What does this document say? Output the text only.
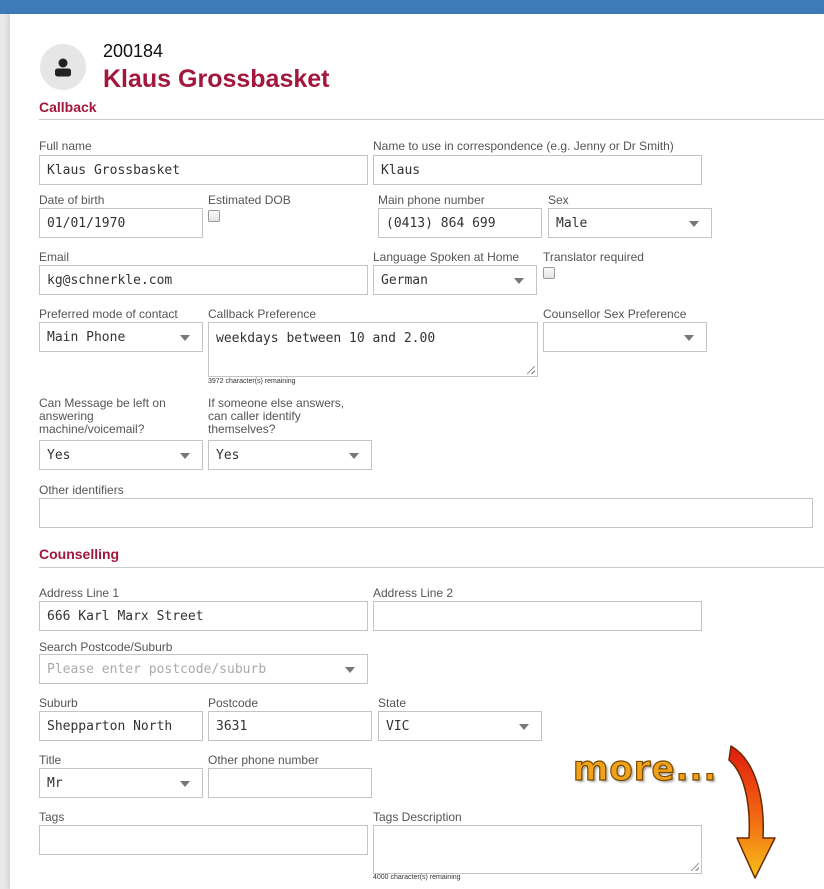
200184
Klaus Grossbasket
Callback
Full name
Klaus Grossbasket
Name to use in correspondence (e.g. Jenny or Dr Smith)
Klaus
Date of birth
01/01/1970
Estimated DOB	Main phone number
(0413) 864 699
Sex
Male
Email
kg@schnerkle.com
Language Spoken at Home
German
Translator required
Preferred mode of contact
Main Phone
Callback Preference
weekdays between 10 and 2.00
3972 character(s) remaining
Counsellor Sex Preference
Can Message be left on
answering
machine/voicemail?
Yes
If someone else answers,
can caller identify
themselves?
Yes
Other identifiers
Counselling
Address Line 1
666 Karl Marx Street
Address Line 2
Search Postcode/Suburb
Please enter postcode/suburb
Suburb
Shepparton North
Postcode
3631
State
VIC
Title
Mr
Other phone number
Tags	Tags Description
4000 character(s) remaining
more...
